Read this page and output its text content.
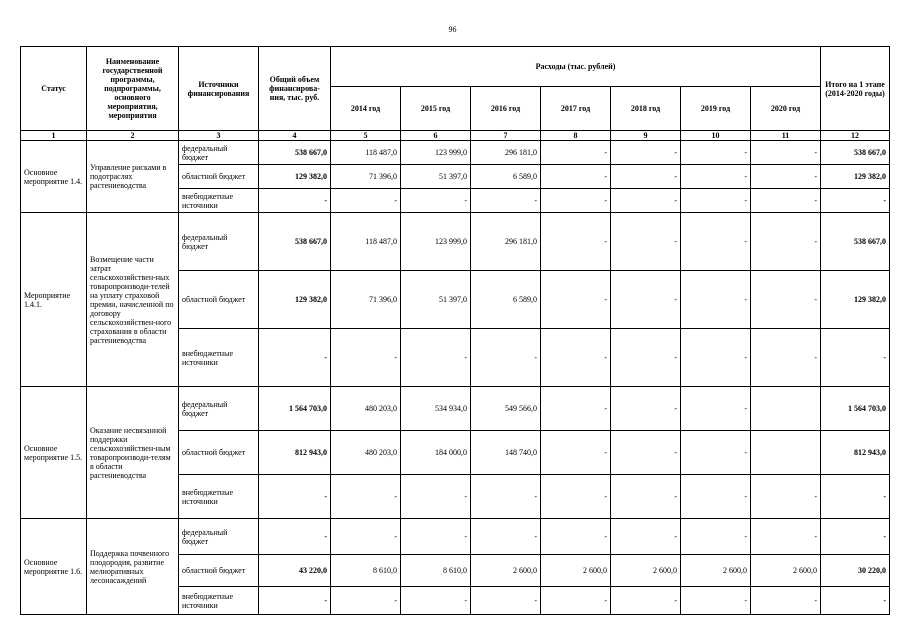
96
Статус	Наименование государственной программы, подпрограммы, основного мероприятия, мероприятия	Источники финансирования	Общий объем финансирова-ния, тыс. руб.	Расходы (тыс. рублей)							Итого на 1 этапе (2014-2020 годы)
				2014 год	2015 год	2016 год	2017 год	2018 год	2019 год	2020 год	
1	2	3	4	5	6	7	8	9	10	11	12
Основное мероприятие 1.4.	Управление рисками в подотраслях растениеводства	федеральный бюджет	538 667,0	118 487,0	123 999,0	296 181,0	-	-	-	-	538 667,0
		областной бюджет	129 382,0	71 396,0	51 397,0	6 589,0	-	-	-	-	129 382,0
		внебюджетные источники	-	-	-	-	-	-	-	-	-
Мероприятие 1.4.1.	Возмещение части затрат сельскохозяйствен-ных товаропроизводи-телей на уплату страховой премии, начисленной по договору сельскохозяйствен-ного страхования в области растениеводства	федеральный бюджет	538 667,0	118 487,0	123 999,0	296 181,0	-	-	-	-	538 667,0
		областной бюджет	129 382,0	71 396,0	51 397,0	6 589,0	-	-	-	-	129 382,0
		внебюджетные источники	-	-	-	-	-	-	-	-	-
Основное мероприятие 1.5.	Оказание несвязанной поддержки сельскохозяйствен-ным товаропроизводи-телям в области растениеводства	федеральный бюджет	1 564 703,0	480 203,0	534 934,0	549 566,0	-	-	-		1 564 703,0
		областной бюджет	812 943,0	480 203,0	184 000,0	148 740,0	-	-	-		812 943,0
		внебюджетные источники	-	-	-	-	-	-	-	-	-
Основное мероприятие 1.6.	Поддержка почвенного плодородия, развитие мелиоративных лесонасаждений	федеральный бюджет	-	-	-	-	-	-	-	-	-
		областной бюджет	43 220,0	8 610,0	8 610,0	2 600,0	2 600,0	2 600,0	2 600,0	2 600,0	30 220,0
		внебюджетные источники	-	-	-	-	-	-	-	-	-
